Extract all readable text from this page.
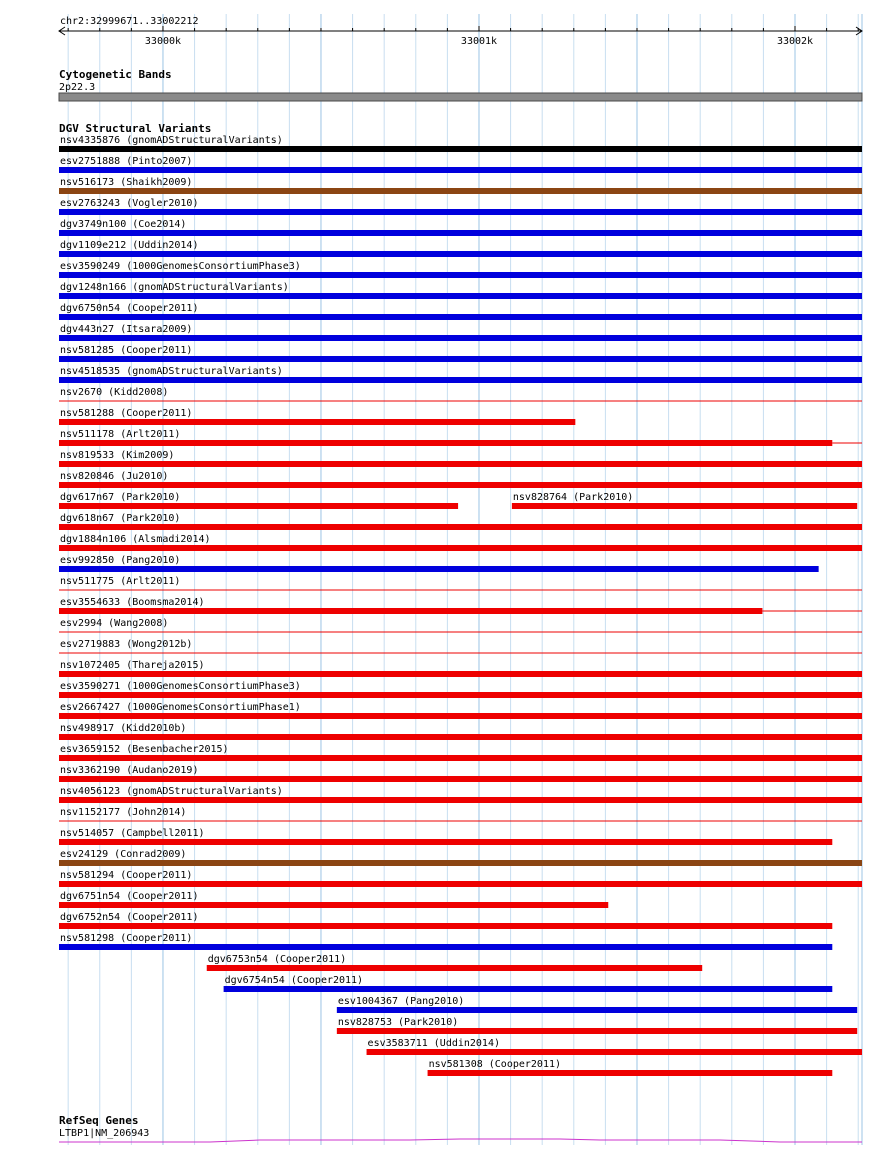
chr2:32999671..33002212
33000k	33001k	33002k
Cytogenetic Bands
2p22.3
DGV Structural Variants
nsv4335876 (gnomADStructuralVariants)
esv2751888 (Pinto2007)
nsv516173 (Shaikh2009)
esv2763243 (Vogler2010)
dgv3749n100 (Coe2014)
dgv1109e212 (Uddin2014)
esv3590249 (1000GenomesConsortiumPhase3)
dgv1248n166 (gnomADStructuralVariants)
dgv6750n54 (Cooper2011)
dgv443n27 (Itsara2009)
nsv581285 (Cooper2011)
nsv4518535 (gnomADStructuralVariants)
nsv2670 (Kidd2008)
nsv581288 (Cooper2011)
nsv511178 (Arlt2011)
nsv819533 (Kim2009)
nsv820846 (Ju2010)
dgv617n67 (Park2010)	nsv828764 (Park2010)
dgv618n67 (Park2010)
dgv1884n106 (Alsmadi2014)
esv992850 (Pang2010)
nsv511775 (Arlt2011)
esv3554633 (Boomsma2014)
esv2994 (Wang2008)
esv2719883 (Wong2012b)
nsv1072405 (Thareja2015)
esv3590271 (1000GenomesConsortiumPhase3)
esv2667427 (1000GenomesConsortiumPhase1)
nsv498917 (Kidd2010b)
esv3659152 (Besenbacher2015)
nsv3362190 (Audano2019)
nsv4056123 (gnomADStructuralVariants)
nsv1152177 (John2014)
nsv514057 (Campbell2011)
esv24129 (Conrad2009)
nsv581294 (Cooper2011)
dgv6751n54 (Cooper2011)
dgv6752n54 (Cooper2011)
nsv581298 (Cooper2011)
dgv6753n54 (Cooper2011)
dgv6754n54 (Cooper2011)
esv1004367 (Pang2010)
nsv828753 (Park2010)
esv3583711 (Uddin2014)
nsv581308 (Cooper2011)
RefSeq Genes
LTBP1|NM_206943
